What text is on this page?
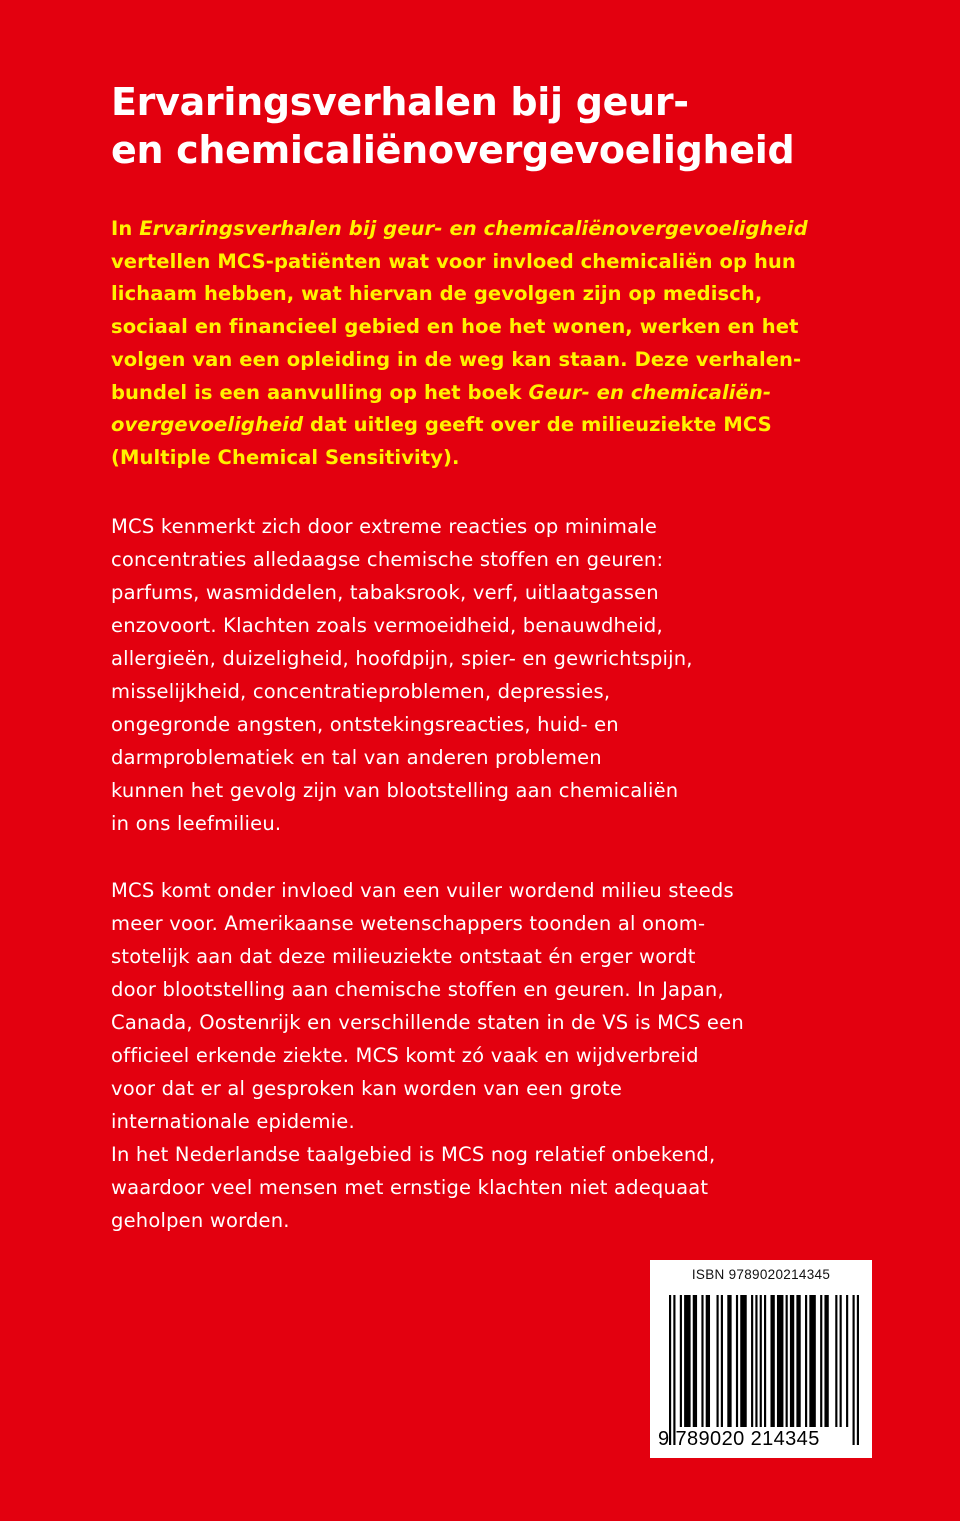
Ervaringsverhalen bij geur-
en chemicaliënovergevoeligheid
In Ervaringsverhalen bij geur- en chemicaliënovergevoeligheid
vertellen MCS-patiënten wat voor invloed chemicaliën op hun
lichaam hebben, wat hiervan de gevolgen zijn op medisch,
sociaal en financieel gebied en hoe het wonen, werken en het
volgen van een opleiding in de weg kan staan. Deze verhalen-
bundel is een aanvulling op het boek Geur- en chemicaliën-
overgevoeligheid dat uitleg geeft over de milieuziekte MCS
(Multiple Chemical Sensitivity).
MCS kenmerkt zich door extreme reacties op minimale
concentraties alledaagse chemische stoffen en geuren:
parfums, wasmiddelen, tabaksrook, verf, uitlaatgassen
enzovoort. Klachten zoals vermoeidheid, benauwdheid,
allergieën, duizeligheid, hoofdpijn, spier- en gewrichtspijn,
misselijkheid, concentratieproblemen, depressies,
ongegronde angsten, ontstekingsreacties, huid- en
darmproblematiek en tal van anderen problemen
kunnen het gevolg zijn van blootstelling aan chemicaliën
in ons leefmilieu.
MCS komt onder invloed van een vuiler wordend milieu steeds
meer voor. Amerikaanse wetenschappers toonden al onom-
stotelijk aan dat deze milieuziekte ontstaat én erger wordt
door blootstelling aan chemische stoffen en geuren. In Japan,
Canada, Oostenrijk en verschillende staten in de VS is MCS een
officieel erkende ziekte. MCS komt zó vaak en wijdverbreid
voor dat er al gesproken kan worden van een grote
internationale epidemie.
In het Nederlandse taalgebied is MCS nog relatief onbekend,
waardoor veel mensen met ernstige klachten niet adequaat
geholpen worden.
ISBN 9789020214345
9 789020 214345
